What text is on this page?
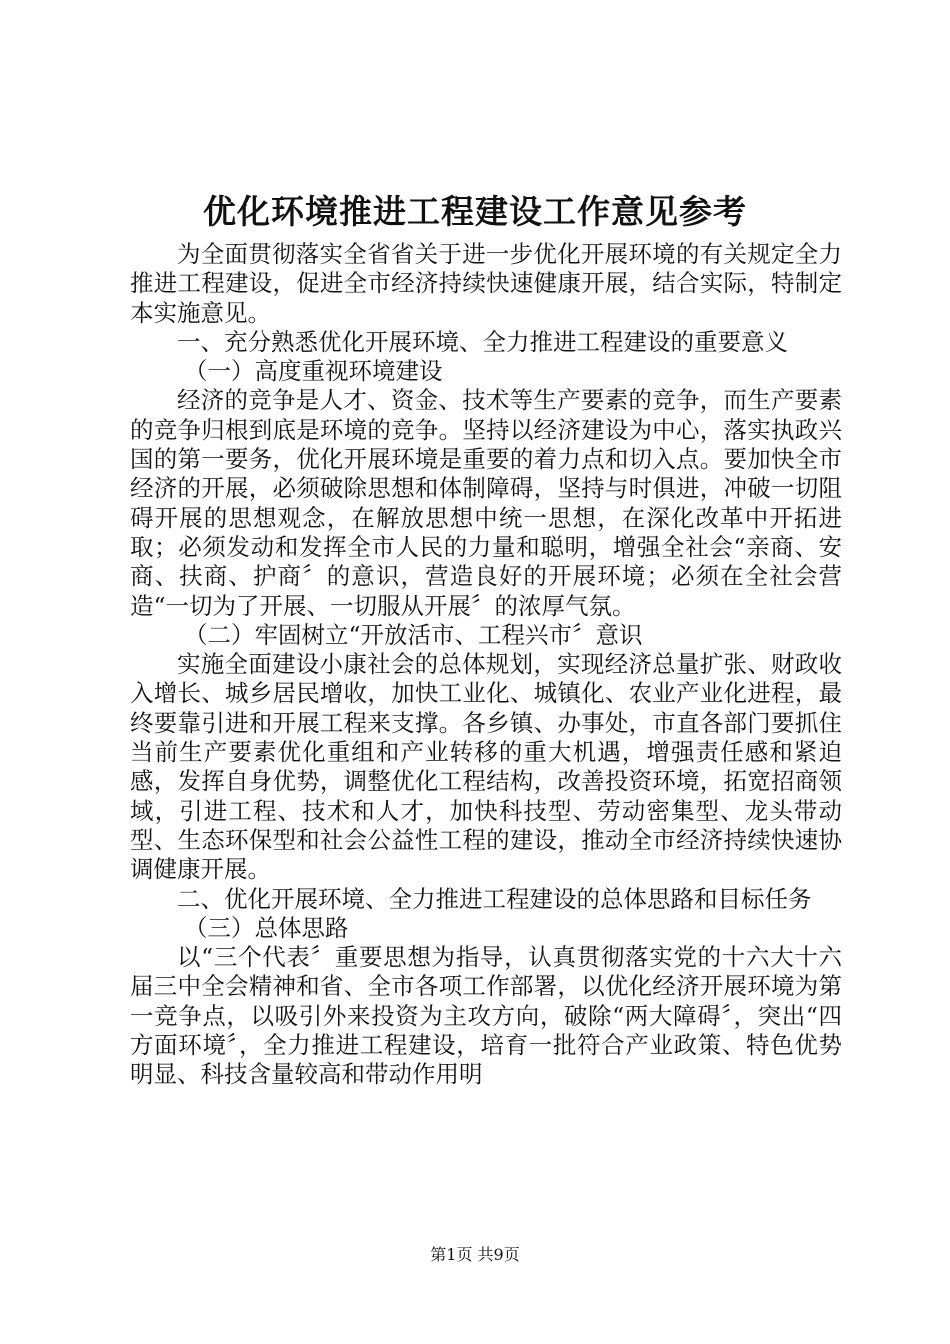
优化环境推进工程建设工作意见参考

为全面贯彻落实全省省关于进一步优化开展环境的有关规定全力推进工程建设，促进全市经济持续快速健康开展，结合实际，特制定本实施意见。

一、充分熟悉优化开展环境、全力推进工程建设的重要意义

（一）高度重视环境建设

经济的竞争是人才、资金、技术等生产要素的竞争，而生产要素的竞争归根到底是环境的竞争。坚持以经济建设为中心，落实执政兴国的第一要务，优化开展环境是重要的着力点和切入点。要加快全市经济的开展，必须破除思想和体制障碍，坚持与时俱进，冲破一切阻碍开展的思想观念，在解放思想中统一思想，在深化改革中开拓进取；必须发动和发挥全市人民的力量和聪明，增强全社会“亲商、安商、扶商、护商〞的意识，营造良好的开展环境；必须在全社会营造“一切为了开展、一切服从开展〞的浓厚气氛。

（二）牢固树立“开放活市、工程兴市〞意识

实施全面建设小康社会的总体规划，实现经济总量扩张、财政收入增长、城乡居民增收，加快工业化、城镇化、农业产业化进程，最终要靠引进和开展工程来支撑。各乡镇、办事处，市直各部门要抓住当前生产要素优化重组和产业转移的重大机遇，增强责任感和紧迫感，发挥自身优势，调整优化工程结构，改善投资环境，拓宽招商领域，引进工程、技术和人才，加快科技型、劳动密集型、龙头带动型、生态环保型和社会公益性工程的建设，推动全市经济持续快速协调健康开展。

二、优化开展环境、全力推进工程建设的总体思路和目标任务

（三）总体思路

以“三个代表〞重要思想为指导，认真贯彻落实党的十六大十六届三中全会精神和省、全市各项工作部署，以优化经济开展环境为第一竞争点，以吸引外来投资为主攻方向，破除“两大障碍〞，突出“四方面环境〞，全力推进工程建设，培育一批符合产业政策、特色优势明显、科技含量较高和带动作用明

第1页 共9页
